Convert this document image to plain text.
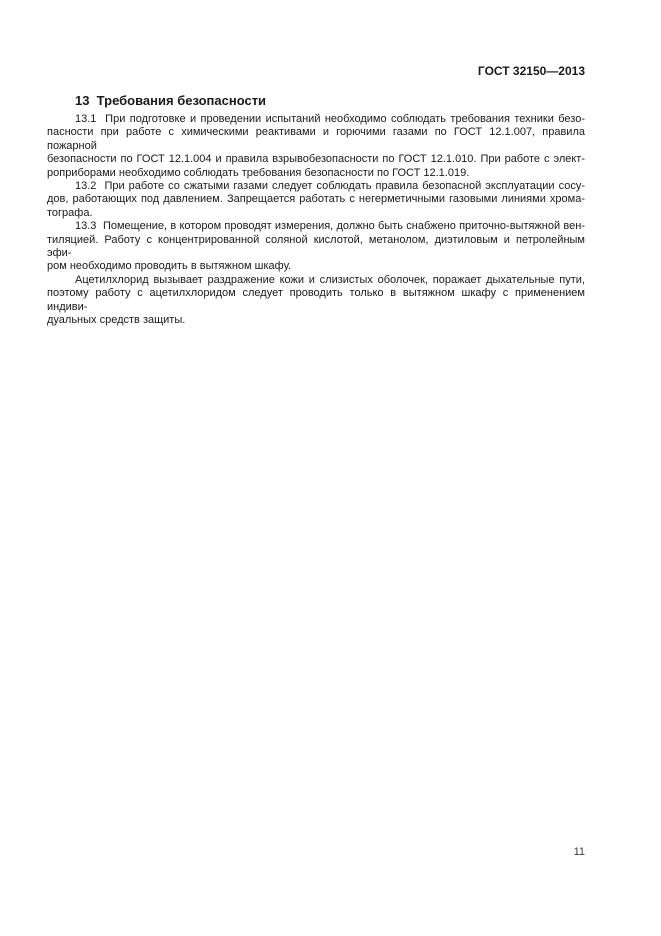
ГОСТ 32150—2013
13  Требования безопасности
13.1  При подготовке и проведении испытаний необходимо соблюдать требования техники безо-
пасности при работе с химическими реактивами и горючими газами по ГОСТ 12.1.007, правила пожарной
безопасности по ГОСТ 12.1.004 и правила взрывобезопасности по ГОСТ 12.1.010. При работе с элект-
роприборами необходимо соблюдать требования безопасности по ГОСТ 12.1.019.
13.2  При работе со сжатыми газами следует соблюдать правила безопасной эксплуатации сосу-
дов, работающих под давлением. Запрещается работать с негерметичными газовыми линиями хрома-
тографа.
13.3  Помещение, в котором проводят измерения, должно быть снабжено приточно-вытяжной вен-
тиляцией. Работу с концентрированной соляной кислотой, метанолом, диэтиловым и петролейным эфи-
ром необходимо проводить в вытяжном шкафу.
Ацетилхлорид вызывает раздражение кожи и слизистых оболочек, поражает дыхательные пути,
поэтому работу с ацетилхлоридом следует проводить только в вытяжном шкафу с применением индиви-
дуальных средств защиты.
11
